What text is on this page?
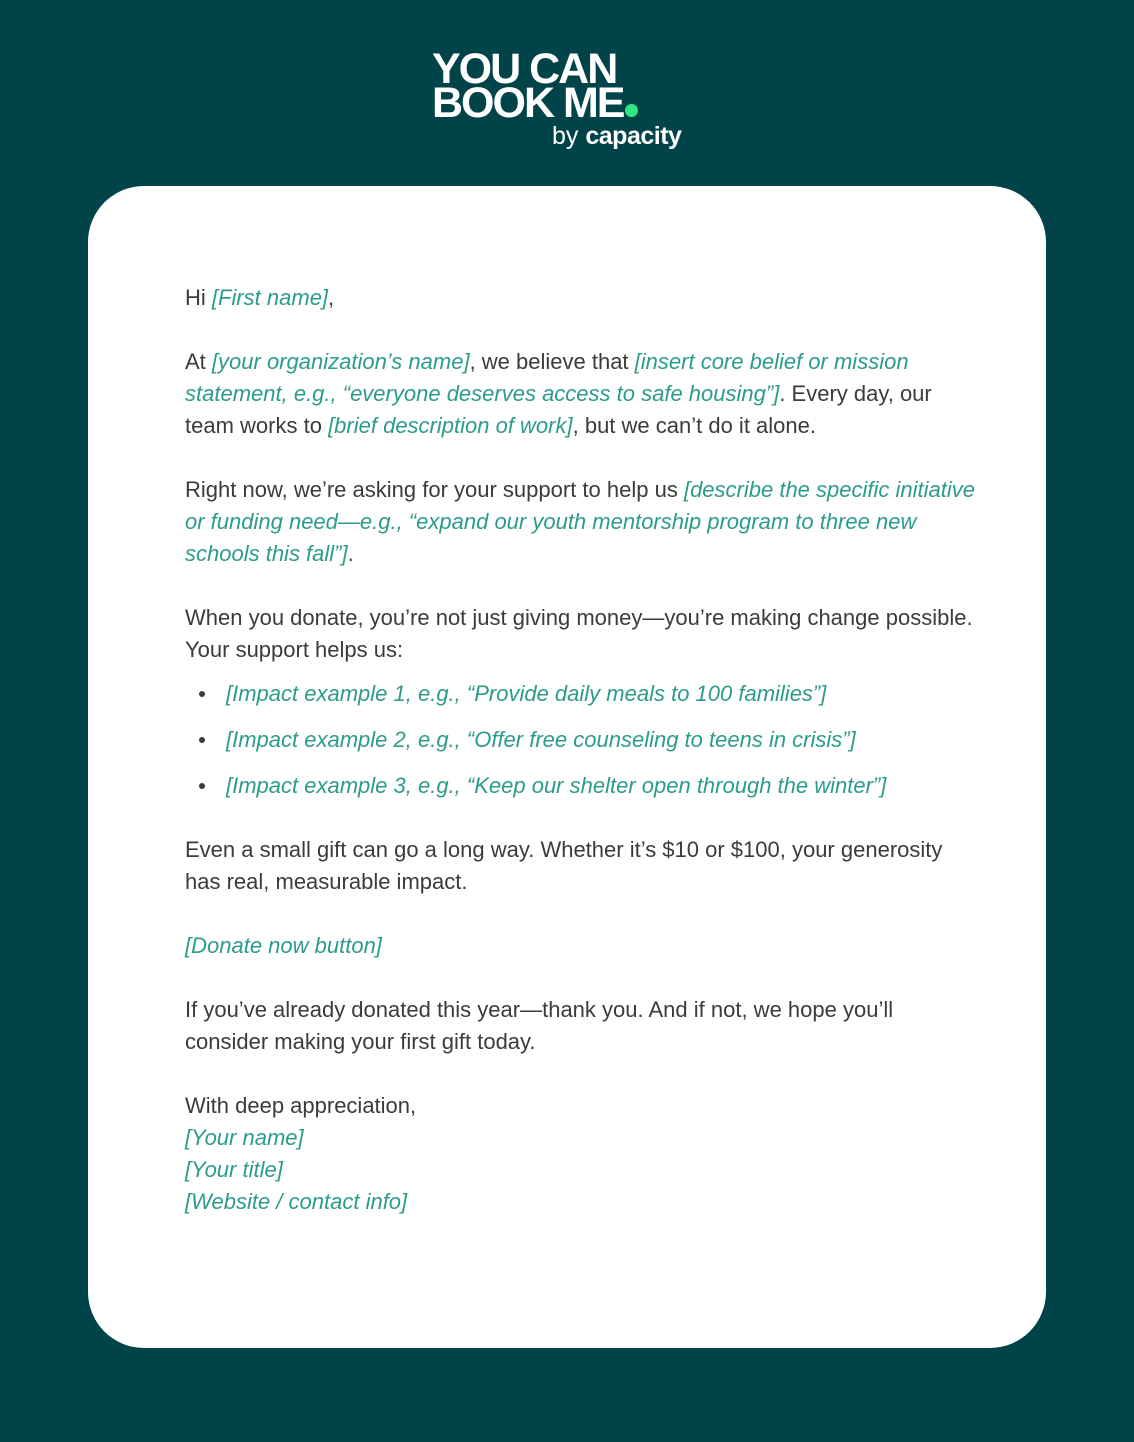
YOU CAN
BOOK ME
by capacity

Hi [First name],

At [your organization’s name], we believe that [insert core belief or mission statement, e.g., “everyone deserves access to safe housing”]. Every day, our team works to [brief description of work], but we can’t do it alone.

Right now, we’re asking for your support to help us [describe the specific initiative or funding need—e.g., “expand our youth mentorship program to three new schools this fall”].

When you donate, you’re not just giving money—you’re making change possible. Your support helps us:

[Impact example 1, e.g., “Provide daily meals to 100 families”]
[Impact example 2, e.g., “Offer free counseling to teens in crisis”]
[Impact example 3, e.g., “Keep our shelter open through the winter”]

Even a small gift can go a long way. Whether it’s $10 or $100, your generosity has real, measurable impact.

[Donate now button]

If you’ve already donated this year—thank you. And if not, we hope you’ll consider making your first gift today.

With deep appreciation,
[Your name]
[Your title]
[Website / contact info]
